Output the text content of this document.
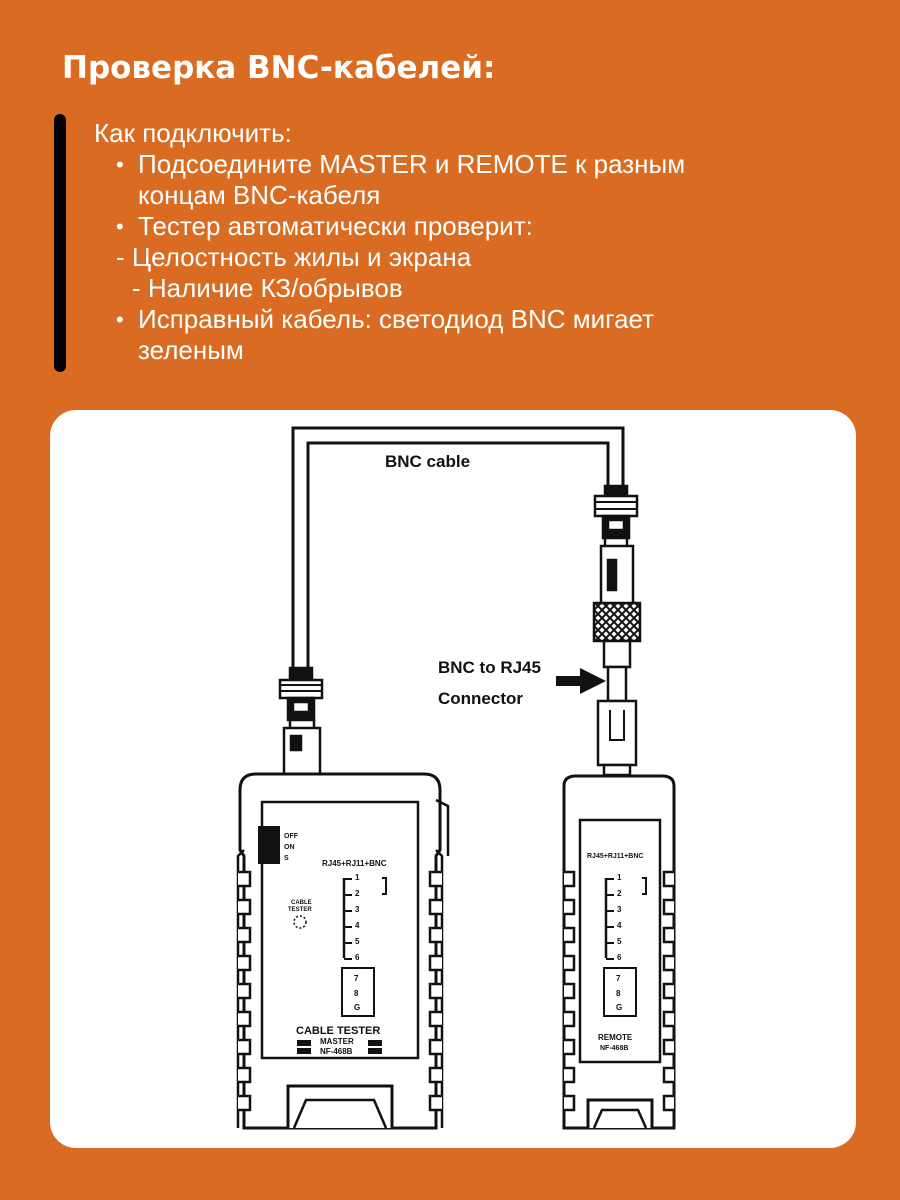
Проверка BNC-кабелей:
Как подключить:
• Подсоедините MASTER и REMOTE к разным
концам BNC-кабеля
• Тестер автоматически проверит:
- Целостность жилы и экрана
- Наличие КЗ/обрывов
• Исправный кабель: светодиод BNC мигает
зеленым
BNC cable
BNC to RJ45
Connector
OFF
ON
S
RJ45+RJ11+BNC
1
2
3
4
5
6
7
8
G
CABLE
TESTER
CABLE TESTER
MASTER
NF-468B
RJ45+RJ11+BNC
1
2
3
4
5
6
7
8
G
REMOTE
NF-468B
